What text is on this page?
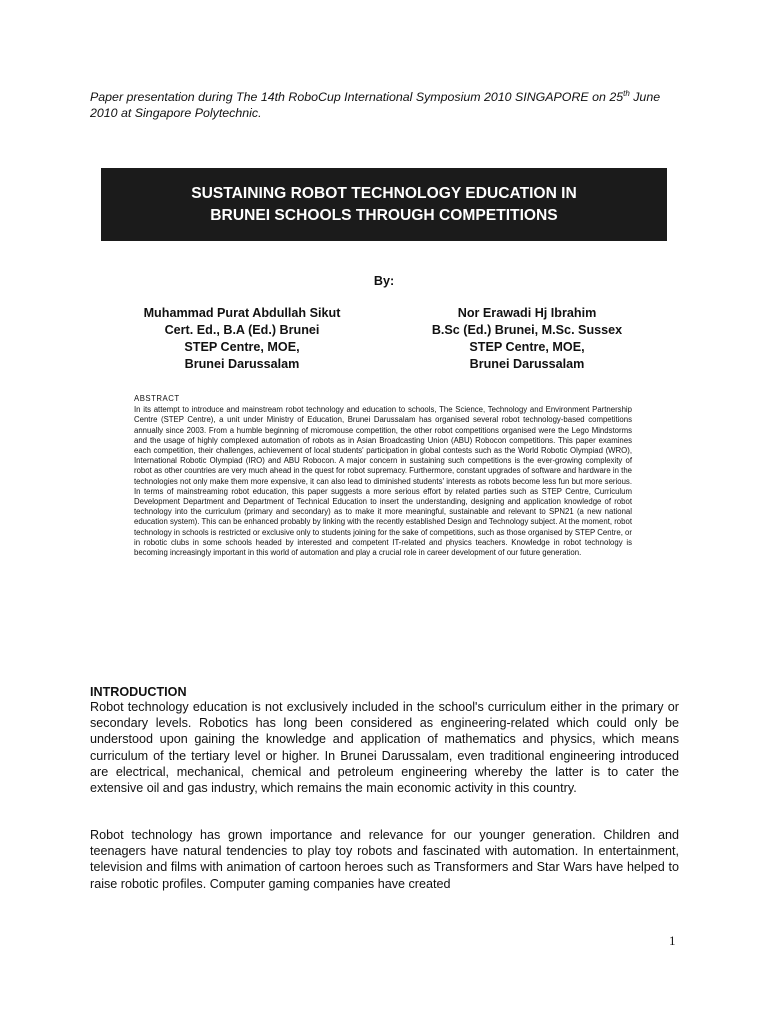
Paper presentation during The 14th RoboCup International Symposium 2010 SINGAPORE on 25th June 2010 at Singapore Polytechnic.
SUSTAINING ROBOT TECHNOLOGY EDUCATION IN BRUNEI SCHOOLS THROUGH COMPETITIONS
By:
Muhammad Purat Abdullah Sikut
Cert. Ed., B.A (Ed.) Brunei
STEP Centre, MOE,
Brunei Darussalam
Nor Erawadi Hj Ibrahim
B.Sc (Ed.) Brunei, M.Sc. Sussex
STEP Centre, MOE,
Brunei Darussalam
ABSTRACT
In its attempt to introduce and mainstream robot technology and education to schools, The Science, Technology and Environment Partnership Centre (STEP Centre), a unit under Ministry of Education, Brunei Darussalam has organised several robot technology-based competitions annually since 2003. From a humble beginning of micromouse competition, the other robot competitions organised were the Lego Mindstorms and the usage of highly complexed automation of robots as in Asian Broadcasting Union (ABU) Robocon competitions. This paper examines each competition, their challenges, achievement of local students' participation in global contests such as the World Robotic Olympiad (WRO), International Robotic Olympiad (IRO) and ABU Robocon. A major concern in sustaining such competitions is the ever-growing complexity of robot as other countries are very much ahead in the quest for robot supremacy. Furthermore, constant upgrades of software and hardware in the technologies not only make them more expensive, it can also lead to diminished students' interests as robots become less fun but more serious. In terms of mainstreaming robot education, this paper suggests a more serious effort by related parties such as STEP Centre, Curriculum Development Department and Department of Technical Education to insert the understanding, designing and application knowledge of robot technology into the curriculum (primary and secondary) as to make it more meaningful, sustainable and relevant to SPN21 (a new national education system). This can be enhanced probably by linking with the recently established Design and Technology subject. At the moment, robot technology in schools is restricted or exclusive only to students joining for the sake of competitions, such as those organised by STEP Centre, or in robotic clubs in some schools headed by interested and competent IT-related and physics teachers. Knowledge in robot technology is becoming increasingly important in this world of automation and play a crucial role in career development of our future generation.
INTRODUCTION
Robot technology education is not exclusively included in the school's curriculum either in the primary or secondary levels. Robotics has long been considered as engineering-related which could only be understood upon gaining the knowledge and application of mathematics and physics, which means curriculum of the tertiary level or higher. In Brunei Darussalam, even traditional engineering introduced are electrical, mechanical, chemical and petroleum engineering whereby the latter is to cater the extensive oil and gas industry, which remains the main economic activity in this country.
Robot technology has grown importance and relevance for our younger generation. Children and teenagers have natural tendencies to play toy robots and fascinated with automation. In entertainment, television and films with animation of cartoon heroes such as Transformers and Star Wars have helped to raise robotic profiles. Computer gaming companies have created
1
